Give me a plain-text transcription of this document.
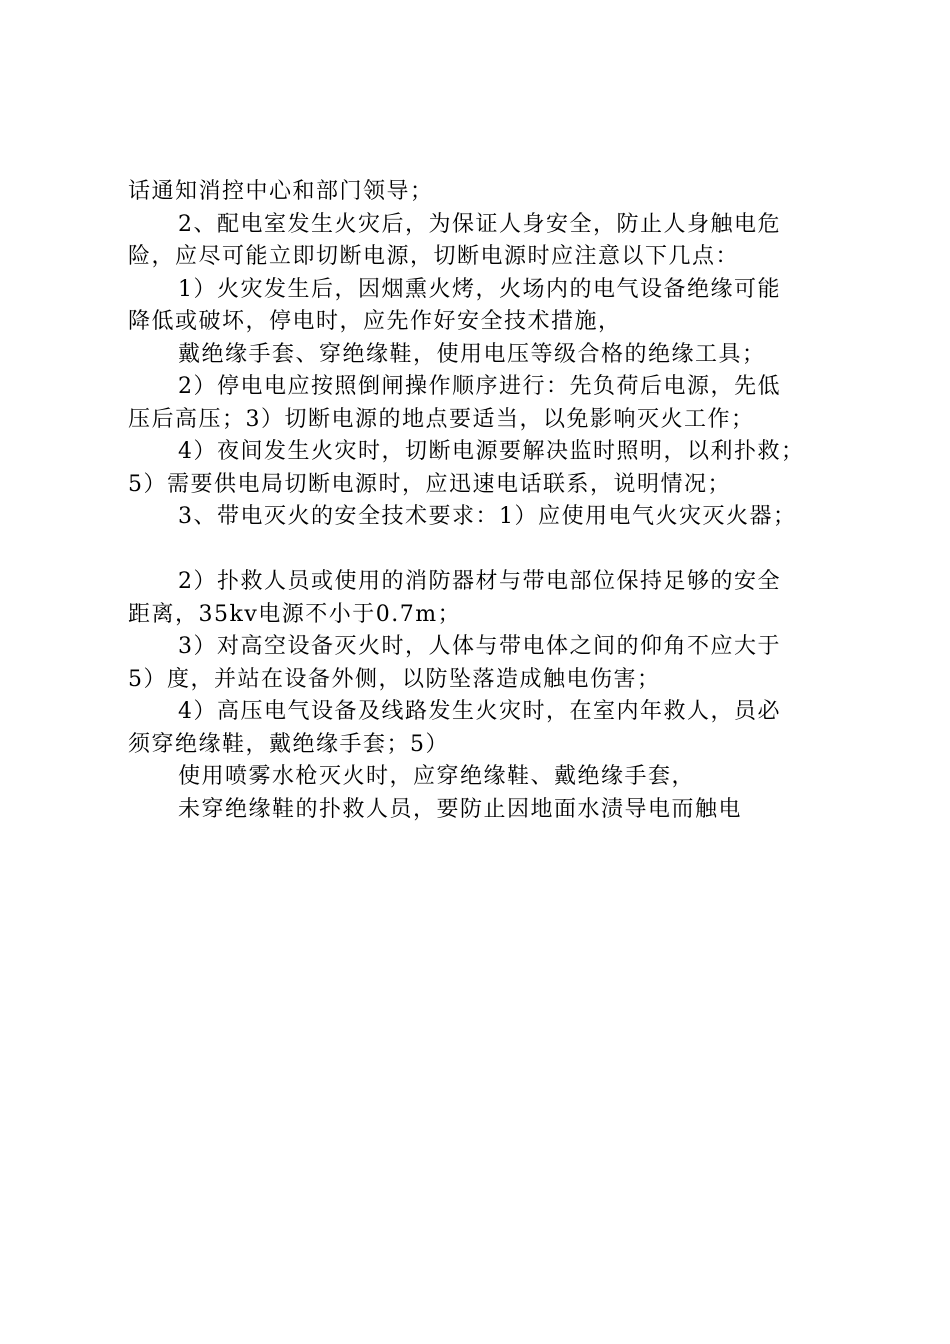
话通知消控中心和部门领导；
2、配电室发生火灾后，为保证人身安全，防止人身触电危
险，应尽可能立即切断电源，切断电源时应注意以下几点：
1）火灾发生后，因烟熏火烤，火场内的电气设备绝缘可能
降低或破坏，停电时，应先作好安全技术措施，
戴绝缘手套、穿绝缘鞋，使用电压等级合格的绝缘工具；
2）停电电应按照倒闸操作顺序进行：先负荷后电源，先低
压后高压；3）切断电源的地点要适当，以免影响灭火工作；
4）夜间发生火灾时，切断电源要解决监时照明，以利扑救；
5）需要供电局切断电源时，应迅速电话联系，说明情况；
3、带电灭火的安全技术要求：1）应使用电气火灾灭火器；
2）扑救人员或使用的消防器材与带电部位保持足够的安全
距离，35kv电源不小于0.7m；
3）对高空设备灭火时，人体与带电体之间的仰角不应大于
5）度，并站在设备外侧，以防坠落造成触电伤害；
4）高压电气设备及线路发生火灾时，在室内年救人，员必
须穿绝缘鞋，戴绝缘手套；5）
使用喷雾水枪灭火时，应穿绝缘鞋、戴绝缘手套，
未穿绝缘鞋的扑救人员，要防止因地面水渍导电而触电
